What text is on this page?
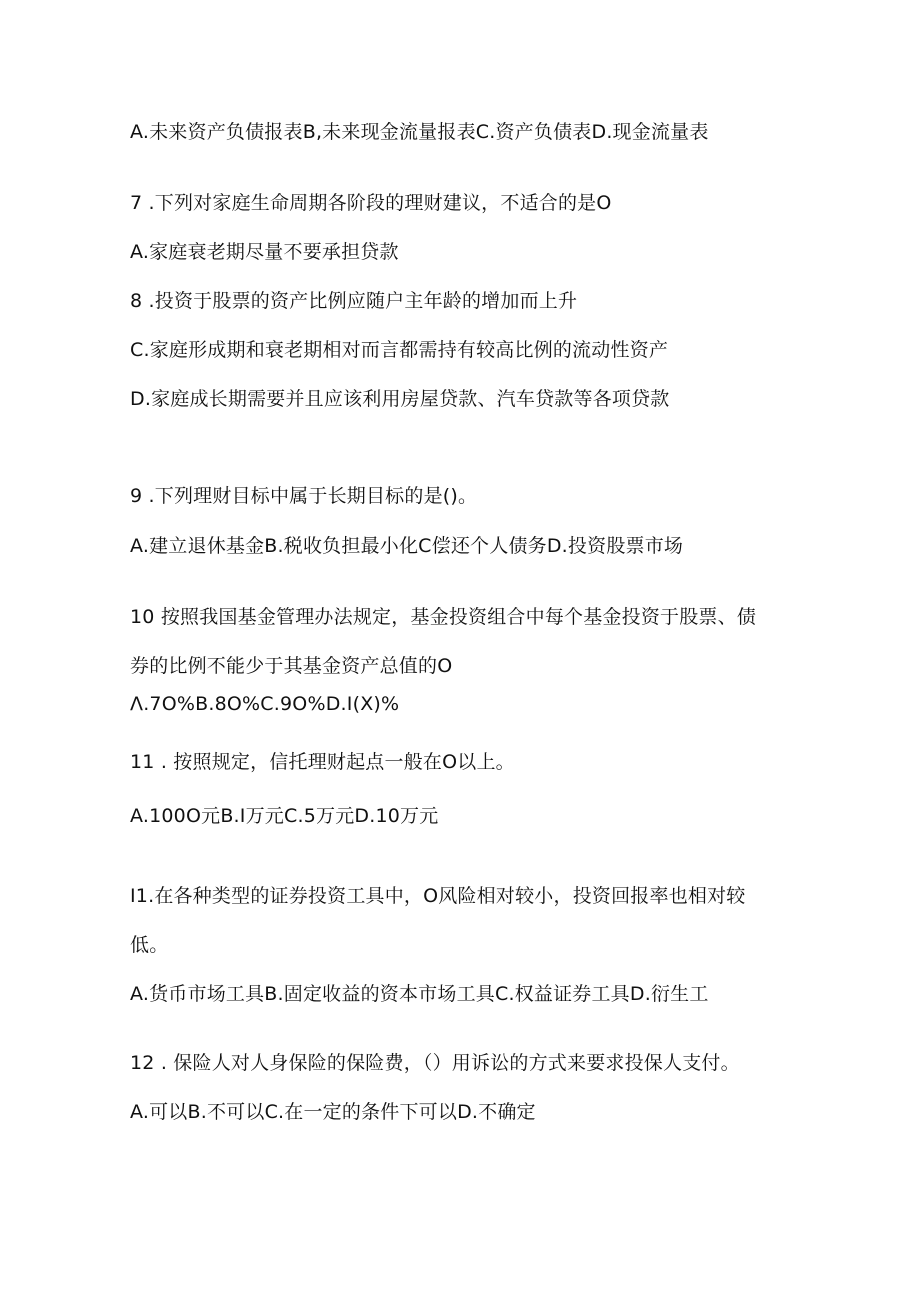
A.未来资产负债报表B,未来现金流量报表C.资产负债表D.现金流量表
7 .下列对家庭生命周期各阶段的理财建议，不适合的是O
A.家庭衰老期尽量不要承担贷款
8 .投资于股票的资产比例应随户主年龄的增加而上升
C.家庭形成期和衰老期相对而言都需持有较高比例的流动性资产
D.家庭成长期需要并且应该利用房屋贷款、汽车贷款等各项贷款
9 .下列理财目标中属于长期目标的是()。
A.建立退休基金B.税收负担最小化C偿还个人债务D.投资股票市场
10 按照我国基金管理办法规定，基金投资组合中每个基金投资于股票、债
券的比例不能少于其基金资产总值的O
Λ.7O%B.8O%C.9O%D.I(X)%
11 . 按照规定，信托理财起点一般在O以上。
A.100O元B.I万元C.5万元D.10万元
I1.在各种类型的证券投资工具中，O风险相对较小，投资回报率也相对较
低。
A.货币市场工具B.固定收益的资本市场工具C.权益证券工具D.衍生工
12 . 保险人对人身保险的保险费，（）用诉讼的方式来要求投保人支付。
A.可以B.不可以C.在一定的条件下可以D.不确定
